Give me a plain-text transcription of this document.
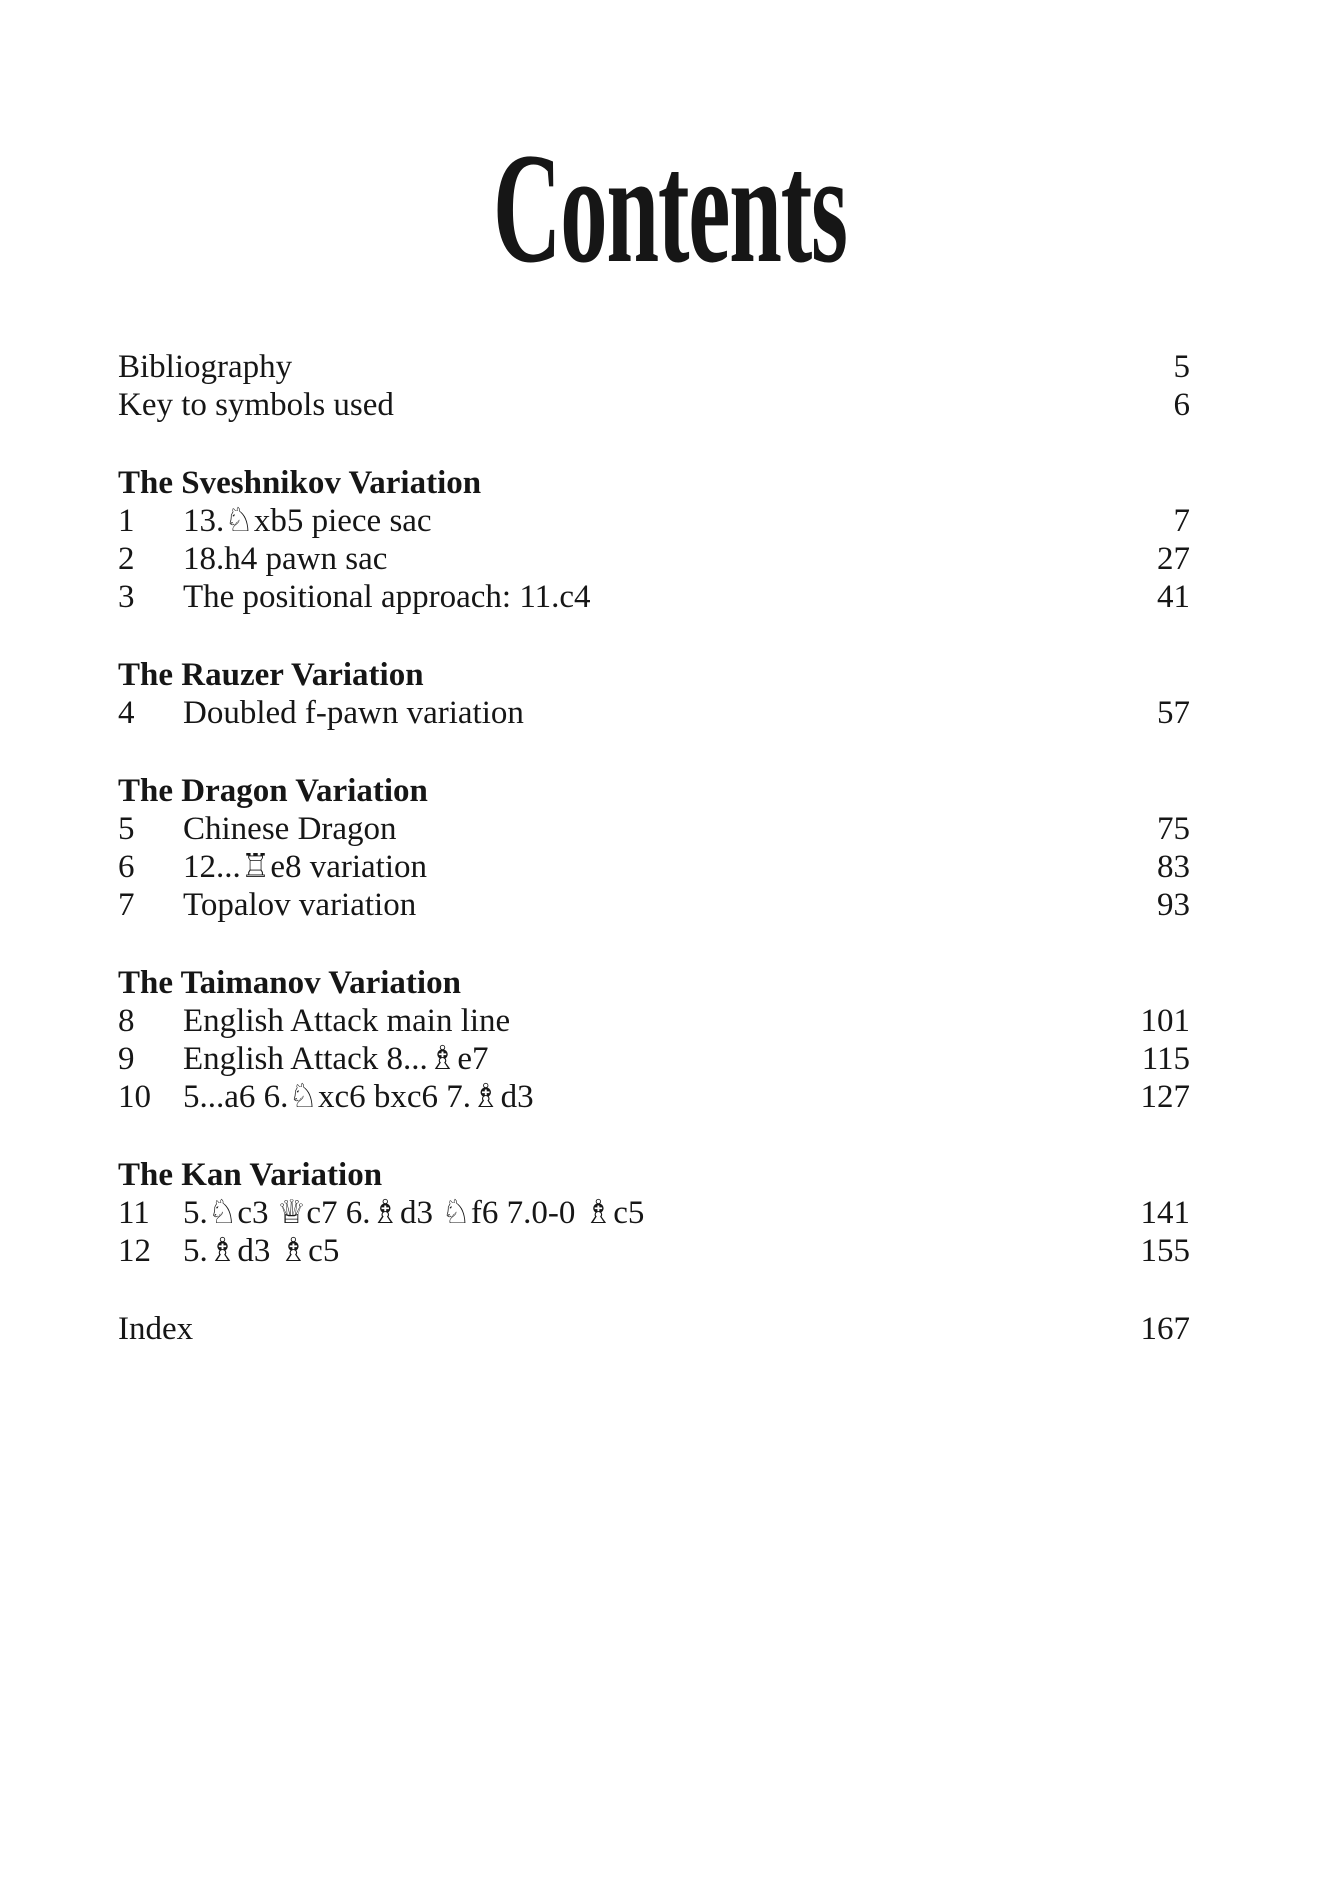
Contents
Bibliography	5
Key to symbols used	6
The Sveshnikov Variation
1	13.♘xb5 piece sac	7
2	18.h4 pawn sac	27
3	The positional approach: 11.c4	41
The Rauzer Variation
4	Doubled f-pawn variation	57
The Dragon Variation
5	Chinese Dragon	75
6	12...♖e8 variation	83
7	Topalov variation	93
The Taimanov Variation
8	English Attack main line	101
9	English Attack 8...♗e7	115
10 5...a6 6.♘xc6 bxc6 7.♗d3	127
The Kan Variation
11	5.♘c3 ♕c7 6.♗d3 ♘f6 7.0-0 ♗c5	141
12 5.♗d3 ♗c5	155
Index	167
